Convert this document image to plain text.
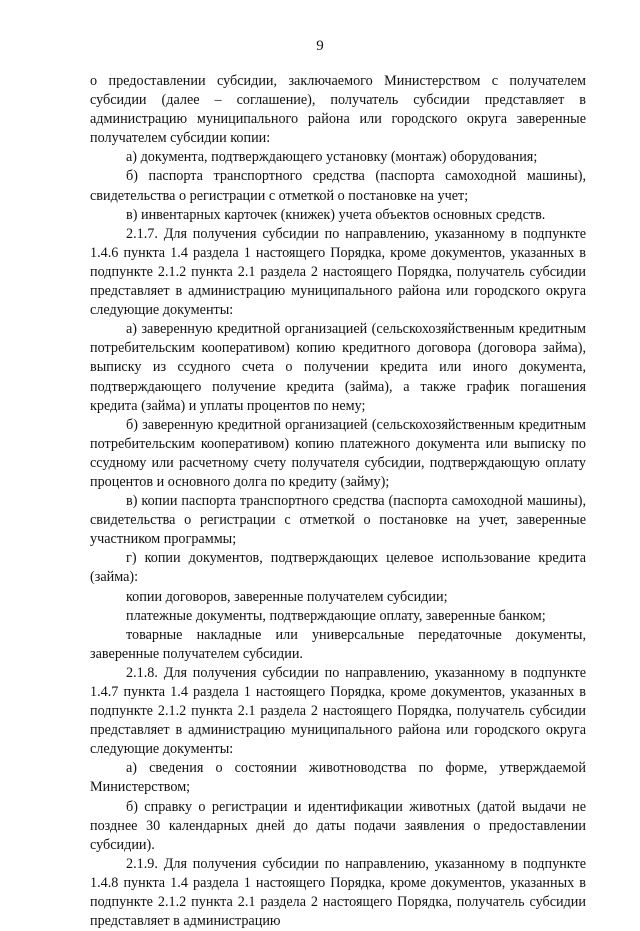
9

о предоставлении субсидии, заключаемого Министерством с получателем субсидии (далее – соглашение), получатель субсидии представляет в администрацию муниципального района или городского округа заверенные получателем субсидии копии:

а) документа, подтверждающего установку (монтаж) оборудования;

б) паспорта транспортного средства (паспорта самоходной машины), свидетельства о регистрации с отметкой о постановке на учет;

в) инвентарных карточек (книжек) учета объектов основных средств.

2.1.7. Для получения субсидии по направлению, указанному в подпункте 1.4.6 пункта 1.4 раздела 1 настоящего Порядка, кроме документов, указанных в подпункте 2.1.2 пункта 2.1 раздела 2 настоящего Порядка, получатель субсидии представляет в администрацию муниципального района или городского округа следующие документы:

а) заверенную кредитной организацией (сельскохозяйственным кредитным потребительским кооперативом) копию кредитного договора (договора займа), выписку из ссудного счета о получении кредита или иного документа, подтверждающего получение кредита (займа), а также график погашения кредита (займа) и уплаты процентов по нему;

б) заверенную кредитной организацией (сельскохозяйственным кредитным потребительским кооперативом) копию платежного документа или выписку по ссудному или расчетному счету получателя субсидии, подтверждающую оплату процентов и основного долга по кредиту (займу);

в) копии паспорта транспортного средства (паспорта самоходной машины), свидетельства о регистрации с отметкой о постановке на учет, заверенные участником программы;

г) копии документов, подтверждающих целевое использование кредита (займа):

копии договоров, заверенные получателем субсидии;

платежные документы, подтверждающие оплату, заверенные банком;

товарные накладные или универсальные передаточные документы, заверенные получателем субсидии.

2.1.8. Для получения субсидии по направлению, указанному в подпункте 1.4.7 пункта 1.4 раздела 1 настоящего Порядка, кроме документов, указанных в подпункте 2.1.2 пункта 2.1 раздела 2 настоящего Порядка, получатель субсидии представляет в администрацию муниципального района или городского округа следующие документы:

а) сведения о состоянии животноводства по форме, утверждаемой Министерством;

б) справку о регистрации и идентификации животных (датой выдачи не позднее 30 календарных дней до даты подачи заявления о предоставлении субсидии).

2.1.9. Для получения субсидии по направлению, указанному в подпункте 1.4.8 пункта 1.4 раздела 1 настоящего Порядка, кроме документов, указанных в подпункте 2.1.2 пункта 2.1 раздела 2 настоящего Порядка, получатель субсидии представляет в администрацию
